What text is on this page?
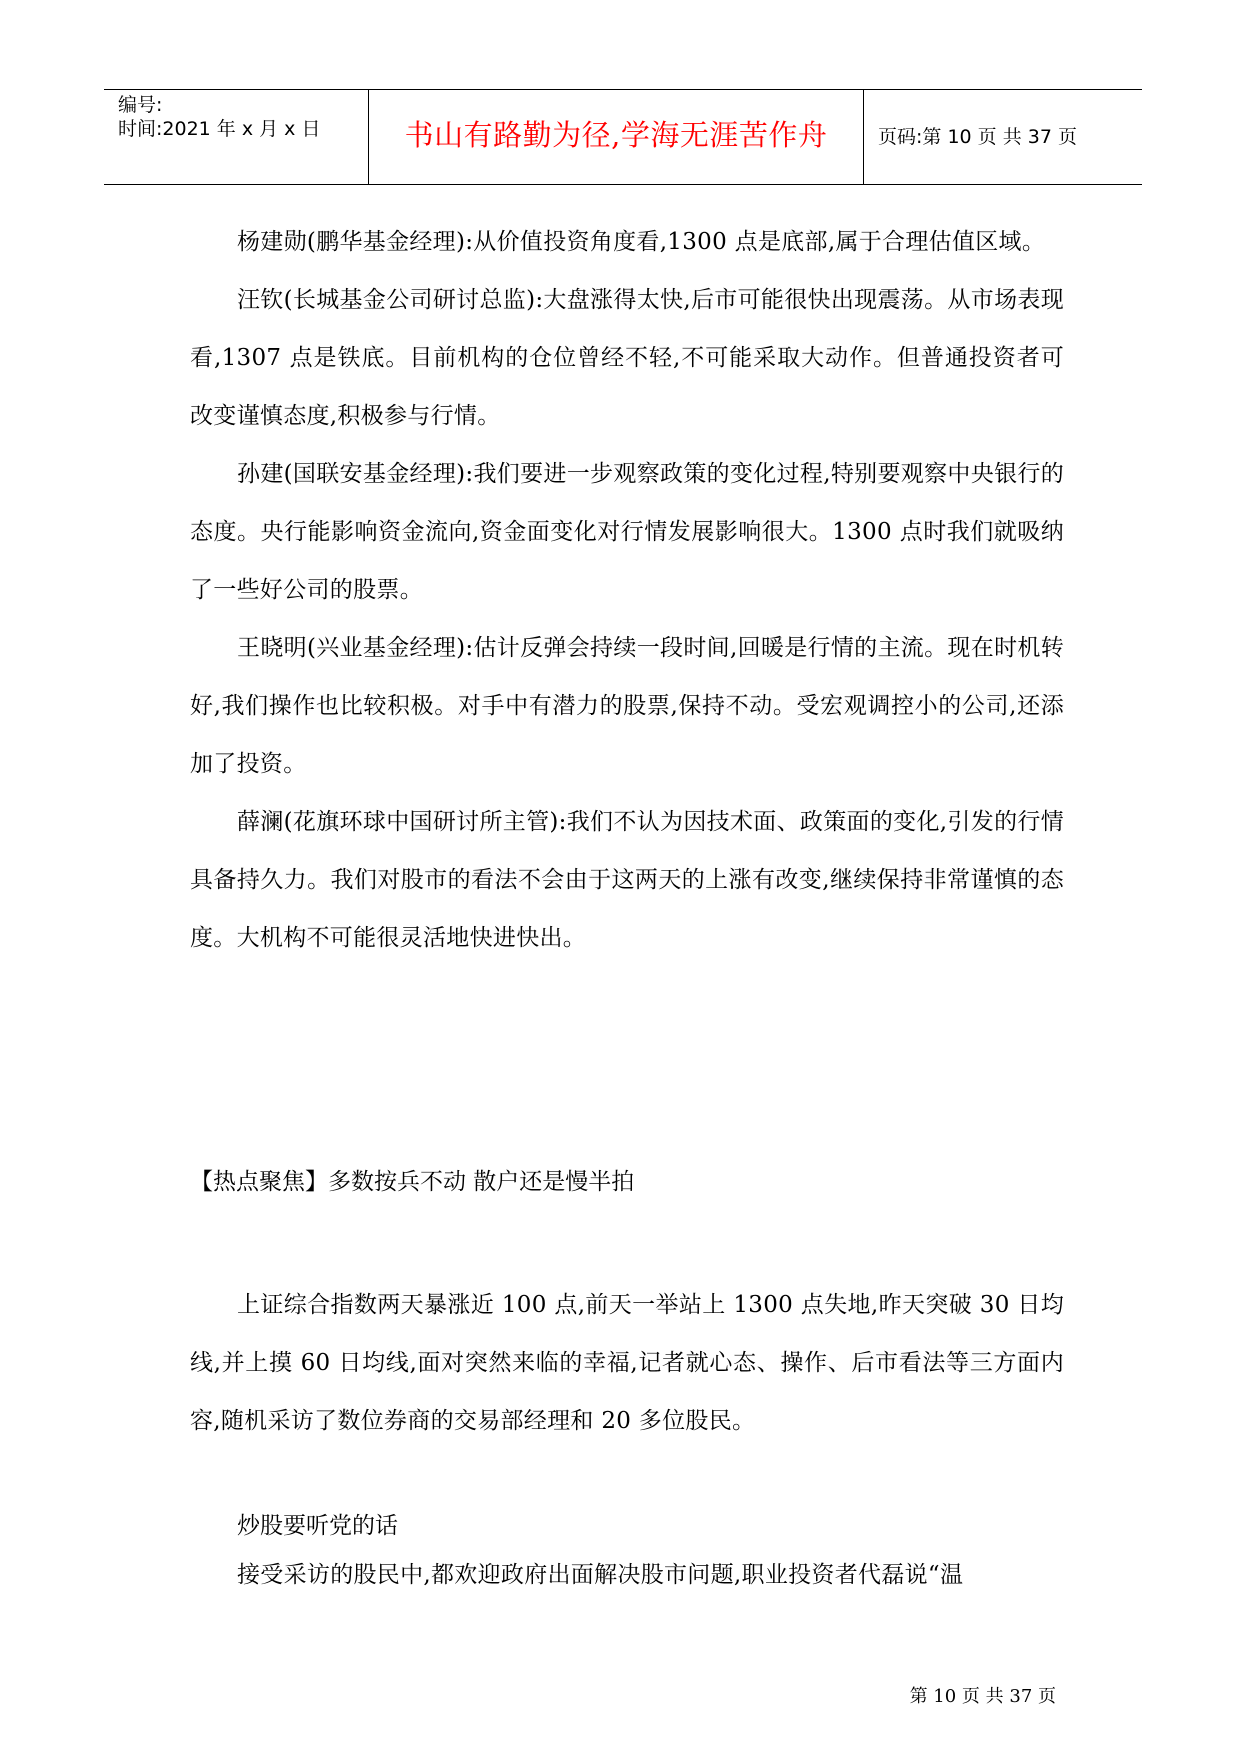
编号:
时间:2021 年 x 月 x 日	书山有路勤为径,学海无涯苦作舟	页码:第 10 页 共 37 页

杨建勋(鹏华基金经理):从价值投资角度看,1300 点是底部,属于合理估值区域。

汪钦(长城基金公司研讨总监):大盘涨得太快,后市可能很快出现震荡。从市场表现看,1307 点是铁底。目前机构的仓位曾经不轻,不可能采取大动作。但普通投资者可改变谨慎态度,积极参与行情。

孙建(国联安基金经理):我们要进一步观察政策的变化过程,特别要观察中央银行的态度。央行能影响资金流向,资金面变化对行情发展影响很大。1300 点时我们就吸纳了一些好公司的股票。

王晓明(兴业基金经理):估计反弹会持续一段时间,回暖是行情的主流。现在时机转好,我们操作也比较积极。对手中有潜力的股票,保持不动。受宏观调控小的公司,还添加了投资。

薛澜(花旗环球中国研讨所主管):我们不认为因技术面、政策面的变化,引发的行情具备持久力。我们对股市的看法不会由于这两天的上涨有改变,继续保持非常谨慎的态度。大机构不可能很灵活地快进快出。

【热点聚焦】多数按兵不动 散户还是慢半拍

上证综合指数两天暴涨近 100 点,前天一举站上 1300 点失地,昨天突破 30 日均线,并上摸 60 日均线,面对突然来临的幸福,记者就心态、操作、后市看法等三方面内容,随机采访了数位券商的交易部经理和 20 多位股民。

炒股要听党的话

接受采访的股民中,都欢迎政府出面解决股市问题,职业投资者代磊说“温

第 10 页 共 37 页
